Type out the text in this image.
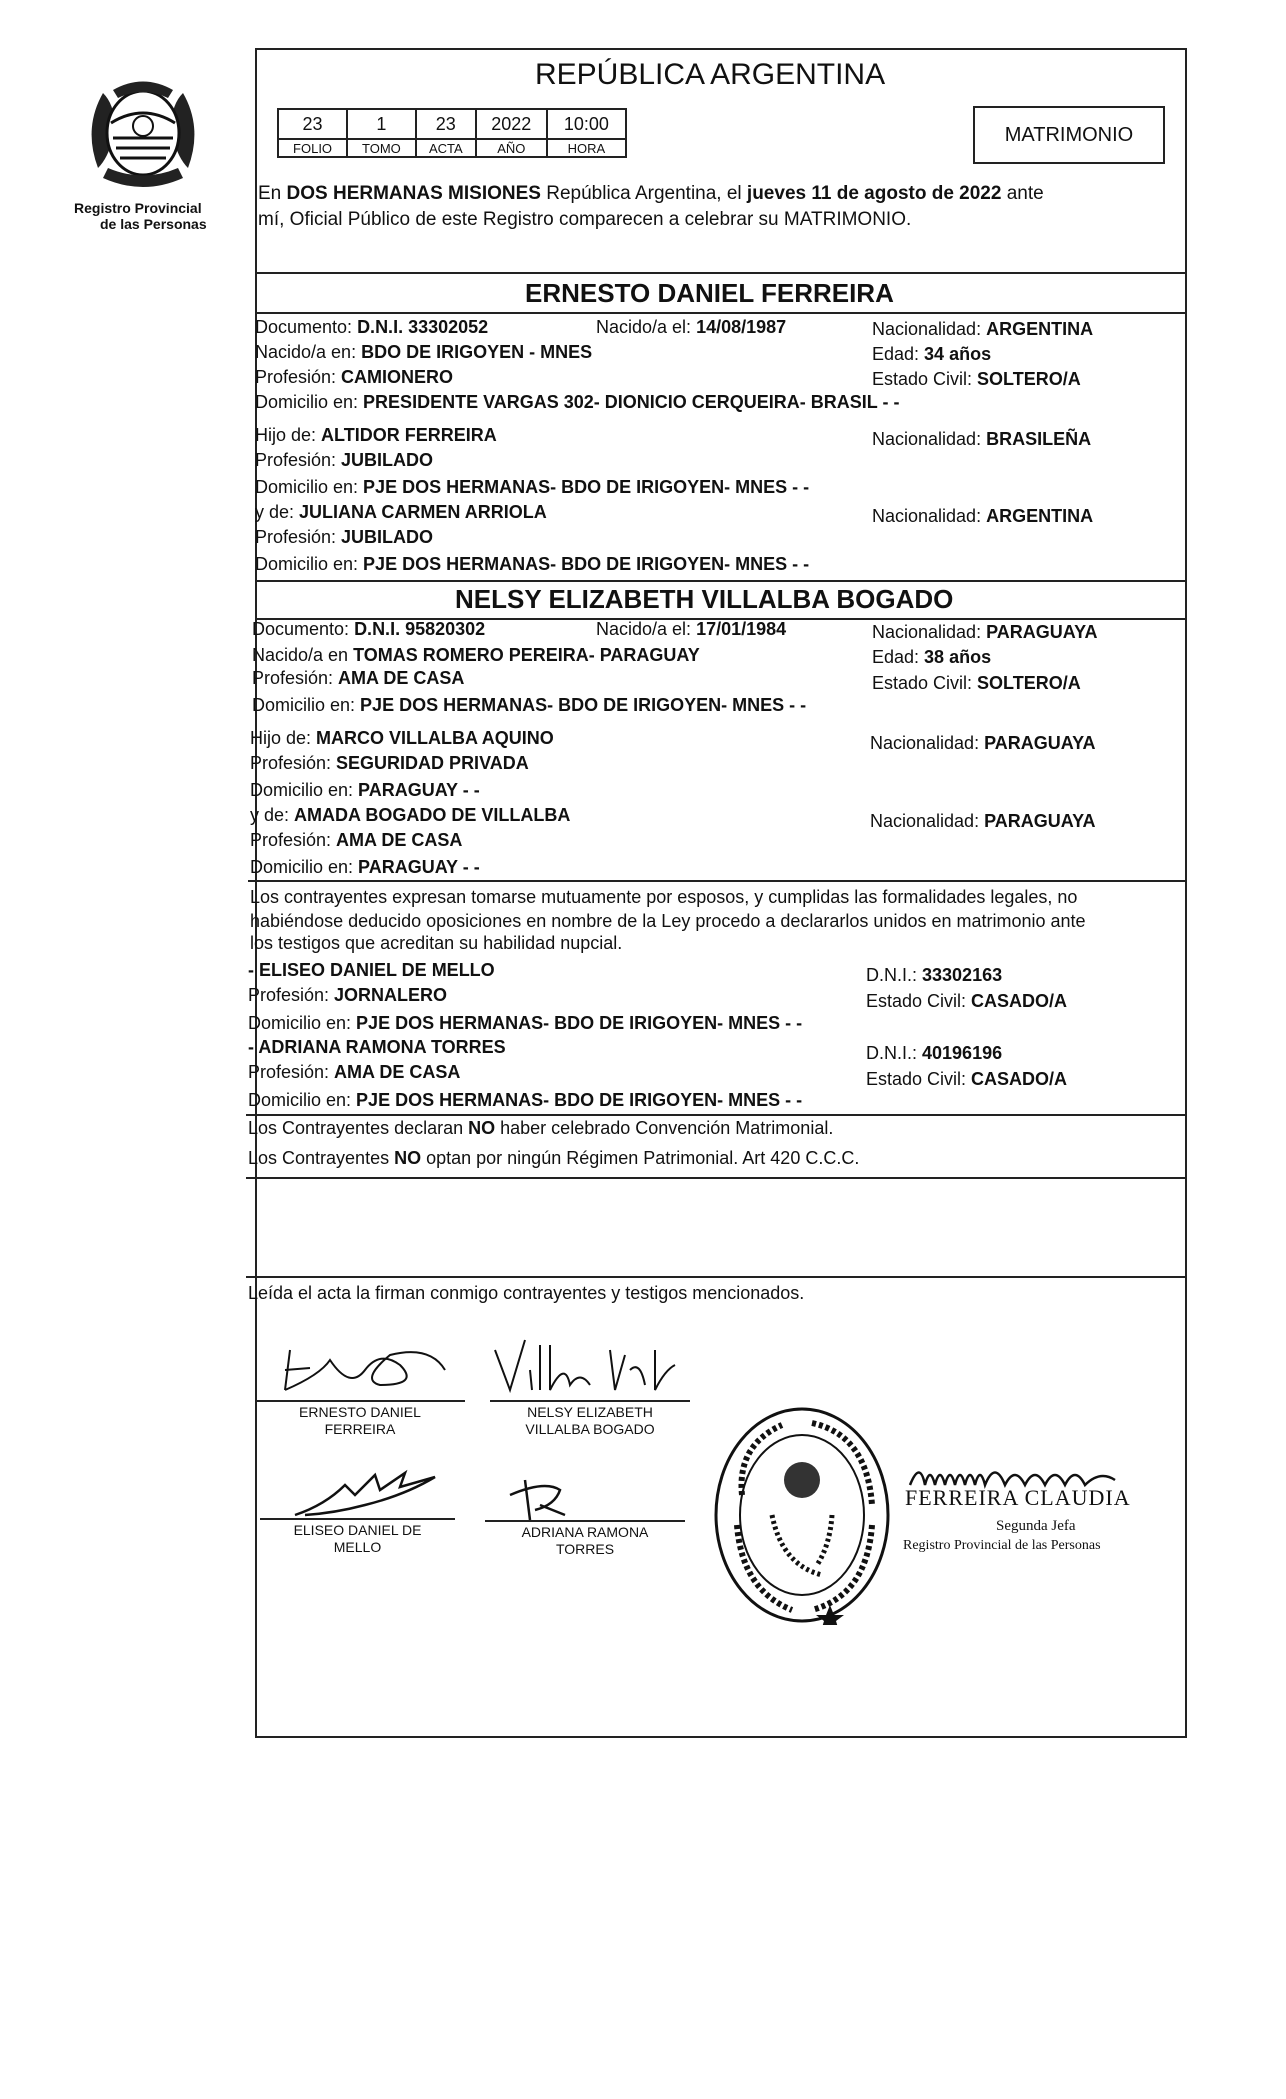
Registro Provincial
de las Personas
REPÚBLICA ARGENTINA
23	1	23	2022	10:00
FOLIO	TOMO	ACTA	AÑO	HORA
MATRIMONIO
En DOS HERMANAS MISIONES República Argentina, el jueves 11 de agosto de 2022 ante
mí, Oficial Público de este Registro comparecen a celebrar su MATRIMONIO.
ERNESTO DANIEL FERREIRA
Documento: D.N.I. 33302052	Nacido/a el: 14/08/1987	Nacionalidad: ARGENTINA
Nacido/a en: BDO DE IRIGOYEN - MNES	Edad: 34 años
Profesión: CAMIONERO	Estado Civil: SOLTERO/A
Domicilio en: PRESIDENTE VARGAS 302- DIONICIO CERQUEIRA- BRASIL - -
Hijo de: ALTIDOR FERREIRA	Nacionalidad: BRASILEÑA
Profesión: JUBILADO
Domicilio en: PJE DOS HERMANAS- BDO DE IRIGOYEN- MNES - -
y de: JULIANA CARMEN ARRIOLA	Nacionalidad: ARGENTINA
Profesión: JUBILADO
Domicilio en: PJE DOS HERMANAS- BDO DE IRIGOYEN- MNES - -
NELSY ELIZABETH VILLALBA BOGADO
Documento: D.N.I. 95820302	Nacido/a el: 17/01/1984	Nacionalidad: PARAGUAYA
Nacido/a en TOMAS ROMERO PEREIRA- PARAGUAY	Edad: 38 años
Profesión: AMA DE CASA	Estado Civil: SOLTERO/A
Domicilio en: PJE DOS HERMANAS- BDO DE IRIGOYEN- MNES - -
Hijo de: MARCO VILLALBA AQUINO	Nacionalidad: PARAGUAYA
Profesión: SEGURIDAD PRIVADA
Domicilio en: PARAGUAY - -
y de: AMADA BOGADO DE VILLALBA	Nacionalidad: PARAGUAYA
Profesión: AMA DE CASA
Domicilio en: PARAGUAY - -
Los contrayentes expresan tomarse mutuamente por esposos, y cumplidas las formalidades legales, no
habiéndose deducido oposiciones en nombre de la Ley procedo a declararlos unidos en matrimonio ante
los testigos que acreditan su habilidad nupcial.
- ELISEO DANIEL DE MELLO	D.N.I.: 33302163
Profesión: JORNALERO	Estado Civil: CASADO/A
Domicilio en: PJE DOS HERMANAS- BDO DE IRIGOYEN- MNES - -
- ADRIANA RAMONA TORRES	D.N.I.: 40196196
Profesión: AMA DE CASA	Estado Civil: CASADO/A
Domicilio en: PJE DOS HERMANAS- BDO DE IRIGOYEN- MNES - -
Los Contrayentes declaran NO haber celebrado Convención Matrimonial.
Los Contrayentes NO optan por ningún Régimen Patrimonial. Art 420 C.C.C.
Leída el acta la firman conmigo contrayentes y testigos mencionados.
ERNESTO DANIEL
FERREIRA
NELSY ELIZABETH
VILLALBA BOGADO
ELISEO DANIEL DE
MELLO
ADRIANA RAMONA
TORRES
FERREIRA CLAUDIA
Segunda Jefa
Registro Provincial de las Personas
